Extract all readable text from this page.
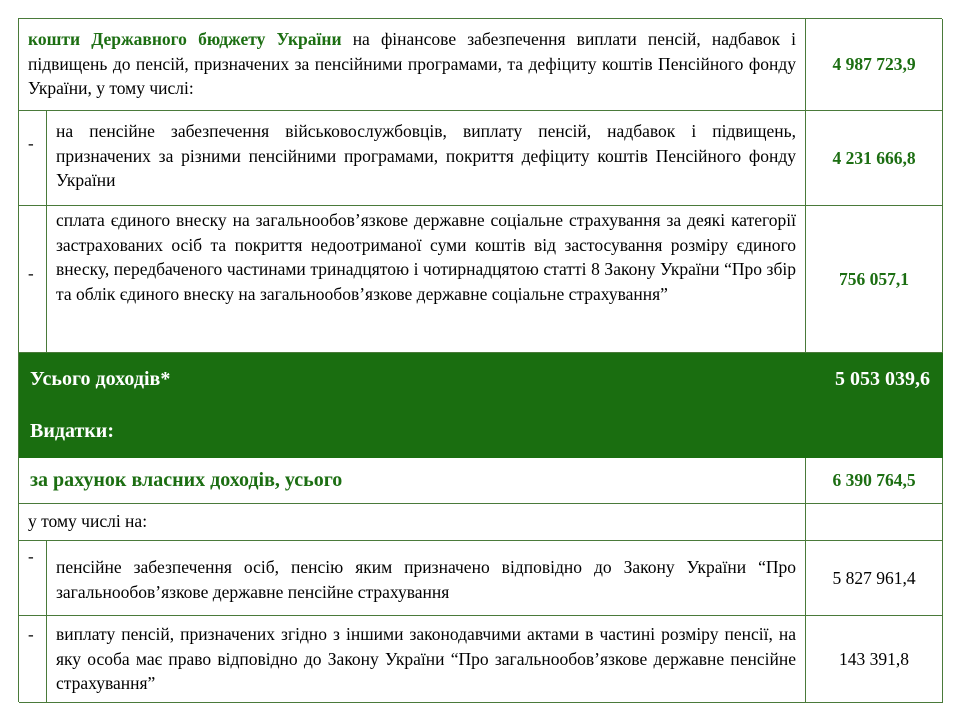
кошти Державного бюджету України на фінансове забезпечення виплати пенсій, надбавок і підвищень до пенсій, призначених за пенсійними програмами, та дефіциту коштів Пенсійного фонду України, у тому числі:
4 987 723,9
-
на пенсійне забезпечення військовослужбовців, виплату пенсій, надбавок і підвищень, призначених за різними пенсійними програмами, покриття дефіциту коштів Пенсійного фонду України
4 231 666,8
-
сплата єдиного внеску на загальнообов’язкове державне соціальне страхування за деякі категорії застрахованих осіб та покриття недоотриманої суми коштів від застосування розміру єдиного внеску, передбаченого частинами тринадцятою і чотирнадцятою статті 8 Закону України “Про збір та облік єдиного внеску на загальнообов’язкове державне соціальне страхування”
756 057,1
Усього доходів*	5 053 039,6
Видатки:
за рахунок власних доходів, усього	6 390 764,5
у тому числі на:
-
пенсійне забезпечення осіб, пенсію яким призначено відповідно до Закону України “Про загальнообов’язкове державне пенсійне страхування
5 827 961,4
- виплату пенсій, призначених згідно з іншими законодавчими актами в частині розміру пенсії, на яку особа має право відповідно до Закону України “Про загальнообов’язкове державне пенсійне страхування”
143 391,8
